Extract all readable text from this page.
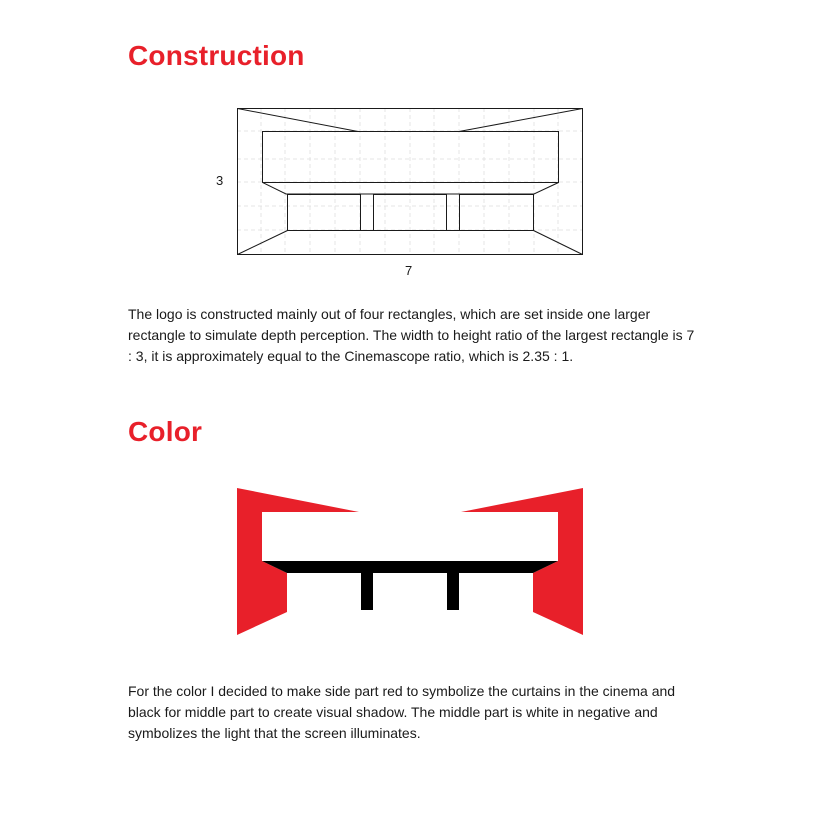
Construction
3
7

The logo is constructed mainly out of four rectangles, which are set inside one larger rectangle to simulate depth perception. The width to height ratio of the largest rectangle is 7 : 3, it is approximately equal to the Cinemascope ratio, which is 2.35 : 1.

Color

For the color I decided to make side part red to symbolize the curtains in the cinema and black for middle part to create visual shadow. The middle part is white in negative and symbolizes the light that the screen illuminates.
